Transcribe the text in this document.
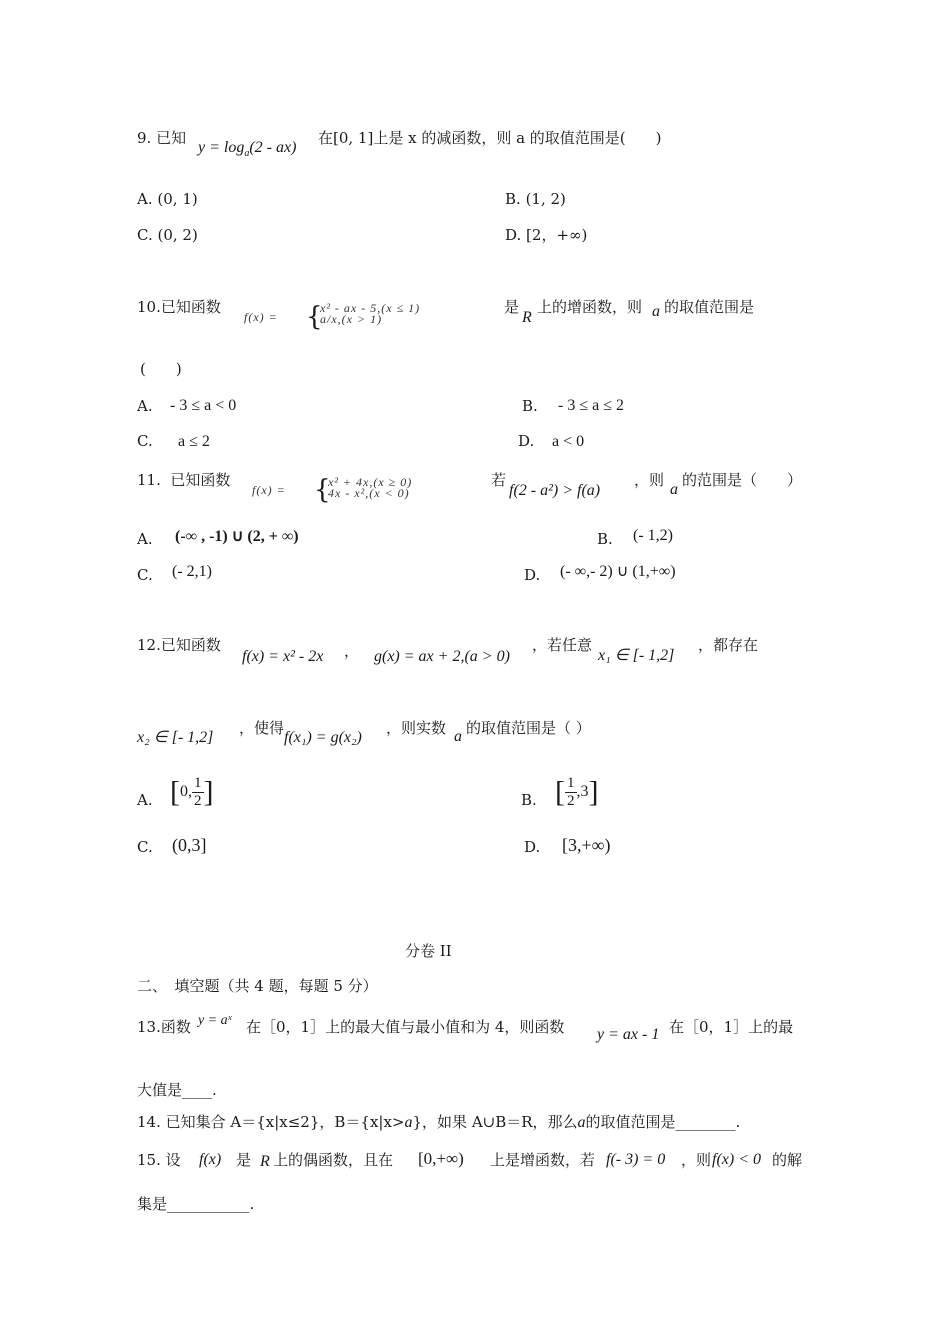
9. 已知
$y = \log_a(2 - ax)$
在[0, 1]上是 x 的减函数，则 a 的取值范围是(　　)
A. (0, 1)	B. (1, 2)
C. (0, 2)	D. [2，+∞)
10.已知函数
f(x) = {
x² - ax - 5,(x ≤ 1)
a/x,(x > 1)
是
R
上的增函数，则 a 的取值范围是
(　　)
A. - 3 ≤ a < 0	B. - 3 ≤ a ≤ 2
C. a ≤ 2	D. a < 0
11. 已知函数
f(x) = {
x² + 4x,(x ≥ 0)
4x - x²,(x < 0)
若
f(2 - a²) > f(a)
，则
a
的范围是（　　）
A. (-∞ , -1) ∪ (2, + ∞)	B. (- 1,2)
C. (- 2,1)	D. (- ∞,- 2) ∪ (1,+∞)
12.已知函数
f(x) = x² - 2x ， g(x) = ax + 2,(a > 0)
，若任意
x₁ ∈ [- 1,2]
，都存在
x₂ ∈ [- 1,2]
，使得
f(x₁) = g(x₂)
，则实数 a 的取值范围是（ ）
A. [0, $\frac{1}{2}$ ]	B. [ $\frac{1}{2} ,3$]
C. (0,3]	D. [3,+∞)
分卷 II
二、　填空题（共 4 题，每题 5 分）
13.函数 y = aˣ 在［0，1］上的最大值与最小值和为 4，则函数 y = ax - 1 在［0，1］上的最
大值是____.
14. 已知集合 A＝{x|x≤2}，B＝{x|x>a}，如果 A∪B＝R，那么a的取值范围是________.
15. 设 f(x) 是 R 上的偶函数，且在 [0,+∞) 上是增函数，若 f(- 3) = 0 ，则 f(x) < 0 的解
集是___________.
